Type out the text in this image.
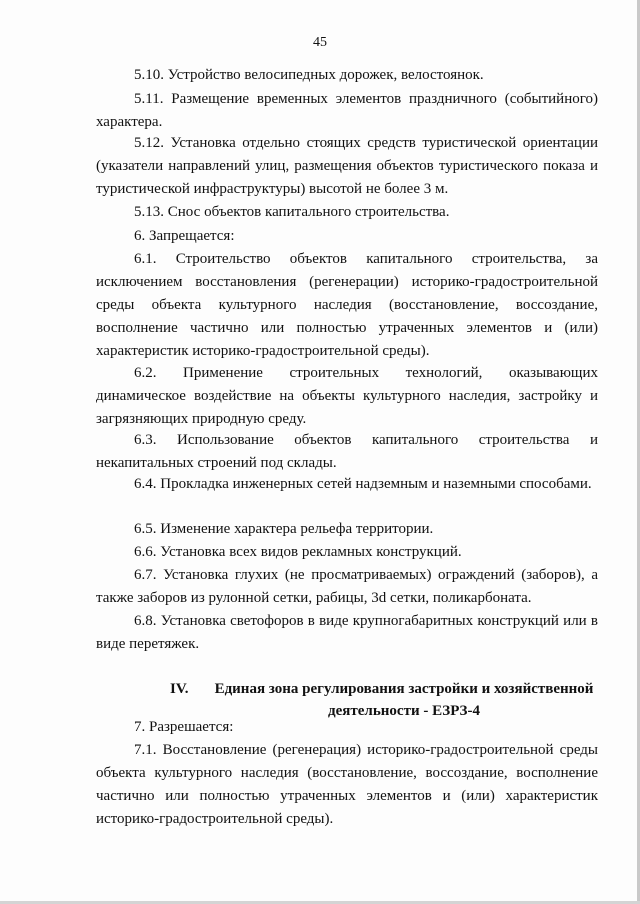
45

5.10. Устройство велосипедных дорожек, велостоянок.

5.11. Размещение временных элементов праздничного (событийного) характера.

5.12. Установка отдельно стоящих средств туристической ориентации (указатели направлений улиц, размещения объектов туристического показа и туристической инфраструктуры) высотой не более 3 м.

5.13. Снос объектов капитального строительства.

6. Запрещается:

6.1. Строительство объектов капитального строительства, за исключением восстановления (регенерации) историко-градостроительной среды объекта культурного наследия (восстановление, воссоздание, восполнение частично или полностью утраченных элементов и (или) характеристик историко-градостроительной среды).

6.2. Применение строительных технологий, оказывающих динамическое воздействие на объекты культурного наследия, застройку и загрязняющих природную среду.

6.3. Использование объектов капитального строительства и некапитальных строений под склады.

6.4. Прокладка инженерных сетей надземным и наземными способами.

6.5. Изменение характера рельефа территории.

6.6. Установка всех видов рекламных конструкций.

6.7. Установка глухих (не просматриваемых) ограждений (заборов), а также заборов из рулонной сетки, рабицы, 3d сетки, поликарбоната.

6.8. Установка светофоров в виде крупногабаритных конструкций или в виде перетяжек.

IV.	Единая зона регулирования застройки и хозяйственной деятельности - ЕЗРЗ-4

7. Разрешается:

7.1. Восстановление (регенерация) историко-градостроительной среды объекта культурного наследия (восстановление, воссоздание, восполнение частично или полностью утраченных элементов и (или) характеристик историко-градостроительной среды).
